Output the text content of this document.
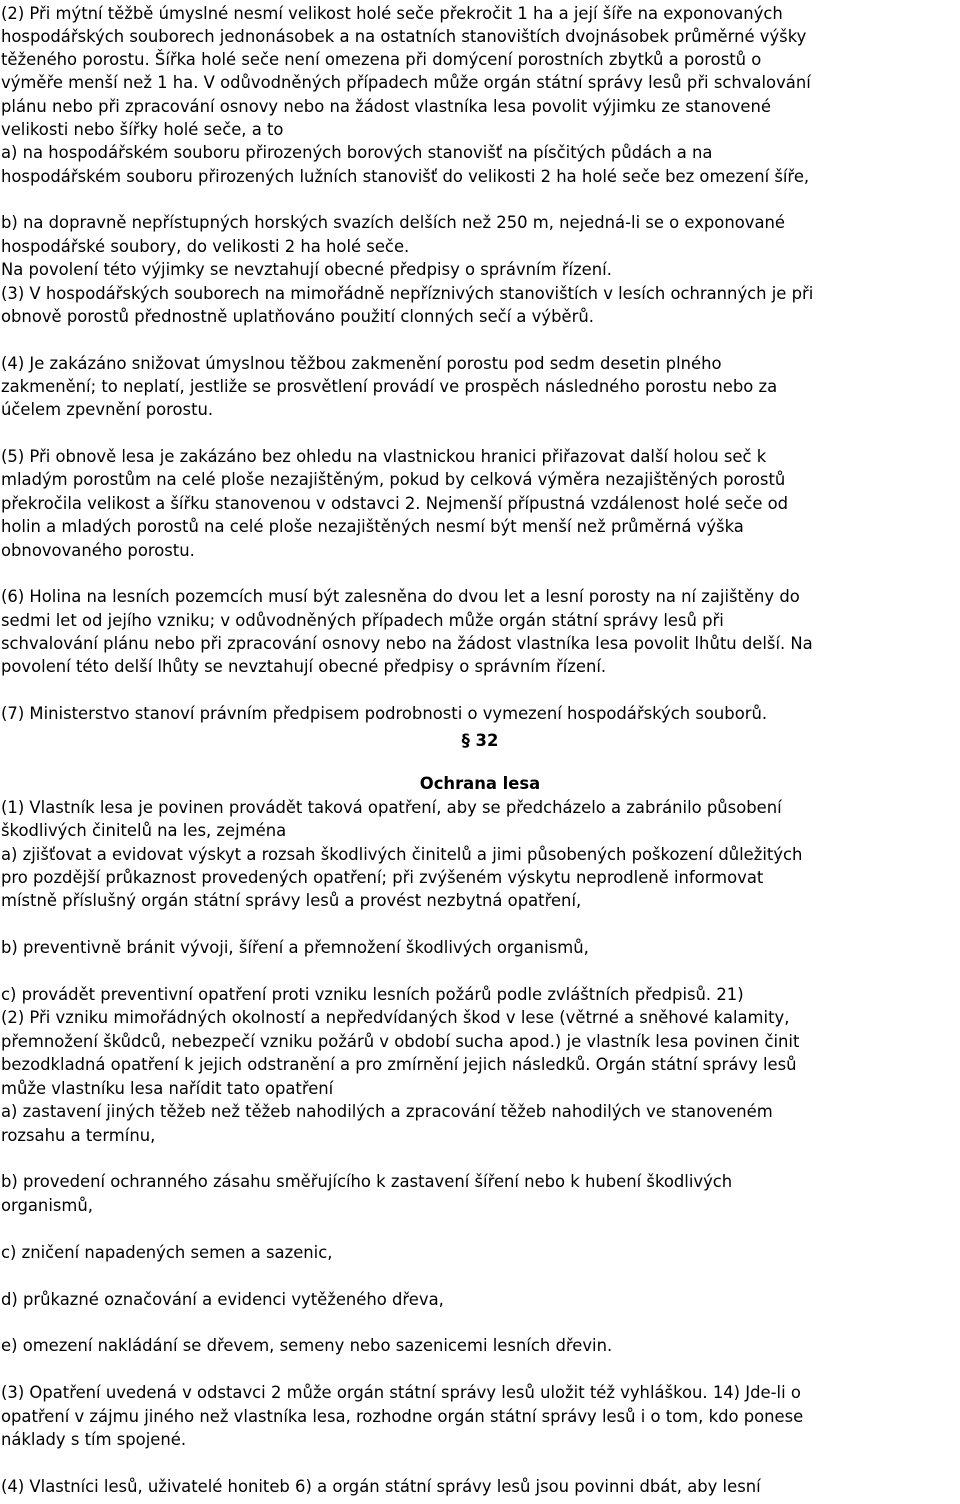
(2) Při mýtní těžbě úmyslné nesmí velikost holé seče překročit 1 ha a její šíře na exponovaných
hospodářských souborech jednonásobek a na ostatních stanovištích dvojnásobek průměrné výšky
těženého porostu. Šířka holé seče není omezena při domýcení porostních zbytků a porostů o
výměře menší než 1 ha. V odůvodněných případech může orgán státní správy lesů při schvalování
plánu nebo při zpracování osnovy nebo na žádost vlastníka lesa povolit výjimku ze stanovené
velikosti nebo šířky holé seče, a to
a) na hospodářském souboru přirozených borových stanovišť na písčitých půdách a na
hospodářském souboru přirozených lužních stanovišť do velikosti 2 ha holé seče bez omezení šíře,
b) na dopravně nepřístupných horských svazích delších než 250 m, nejedná-li se o exponované
hospodářské soubory, do velikosti 2 ha holé seče.
Na povolení této výjimky se nevztahují obecné předpisy o správním řízení.
(3) V hospodářských souborech na mimořádně nepříznivých stanovištích v lesích ochranných je při
obnově porostů přednostně uplatňováno použití clonných sečí a výběrů.
(4) Je zakázáno snižovat úmyslnou těžbou zakmenění porostu pod sedm desetin plného
zakmenění; to neplatí, jestliže se prosvětlení provádí ve prospěch následného porostu nebo za
účelem zpevnění porostu.
(5) Při obnově lesa je zakázáno bez ohledu na vlastnickou hranici přiřazovat další holou seč k
mladým porostům na celé ploše nezajištěným, pokud by celková výměra nezajištěných porostů
překročila velikost a šířku stanovenou v odstavci 2. Nejmenší přípustná vzdálenost holé seče od
holin a mladých porostů na celé ploše nezajištěných nesmí být menší než průměrná výška
obnovovaného porostu.
(6) Holina na lesních pozemcích musí být zalesněna do dvou let a lesní porosty na ní zajištěny do
sedmi let od jejího vzniku; v odůvodněných případech může orgán státní správy lesů při
schvalování plánu nebo při zpracování osnovy nebo na žádost vlastníka lesa povolit lhůtu delší. Na
povolení této delší lhůty se nevztahují obecné předpisy o správním řízení.
(7) Ministerstvo stanoví právním předpisem podrobnosti o vymezení hospodářských souborů.
§ 32
Ochrana lesa
(1) Vlastník lesa je povinen provádět taková opatření, aby se předcházelo a zabránilo působení
škodlivých činitelů na les, zejména
a) zjišťovat a evidovat výskyt a rozsah škodlivých činitelů a jimi působených poškození důležitých
pro pozdější průkaznost provedených opatření; při zvýšeném výskytu neprodleně informovat
místně příslušný orgán státní správy lesů a provést nezbytná opatření,
b) preventivně bránit vývoji, šíření a přemnožení škodlivých organismů,
c) provádět preventivní opatření proti vzniku lesních požárů podle zvláštních předpisů. 21)
(2) Při vzniku mimořádných okolností a nepředvídaných škod v lese (větrné a sněhové kalamity,
přemnožení škůdců, nebezpečí vzniku požárů v období sucha apod.) je vlastník lesa povinen činit
bezodkladná opatření k jejich odstranění a pro zmírnění jejich následků. Orgán státní správy lesů
může vlastníku lesa nařídit tato opatření
a) zastavení jiných těžeb než těžeb nahodilých a zpracování těžeb nahodilých ve stanoveném
rozsahu a termínu,
b) provedení ochranného zásahu směřujícího k zastavení šíření nebo k hubení škodlivých
organismů,
c) zničení napadených semen a sazenic,
d) průkazné označování a evidenci vytěženého dřeva,
e) omezení nakládání se dřevem, semeny nebo sazenicemi lesních dřevin.
(3) Opatření uvedená v odstavci 2 může orgán státní správy lesů uložit též vyhláškou. 14) Jde-li o
opatření v zájmu jiného než vlastníka lesa, rozhodne orgán státní správy lesů i o tom, kdo ponese
náklady s tím spojené.
(4) Vlastníci lesů, uživatelé honiteb 6) a orgán státní správy lesů jsou povinni dbát, aby lesní
